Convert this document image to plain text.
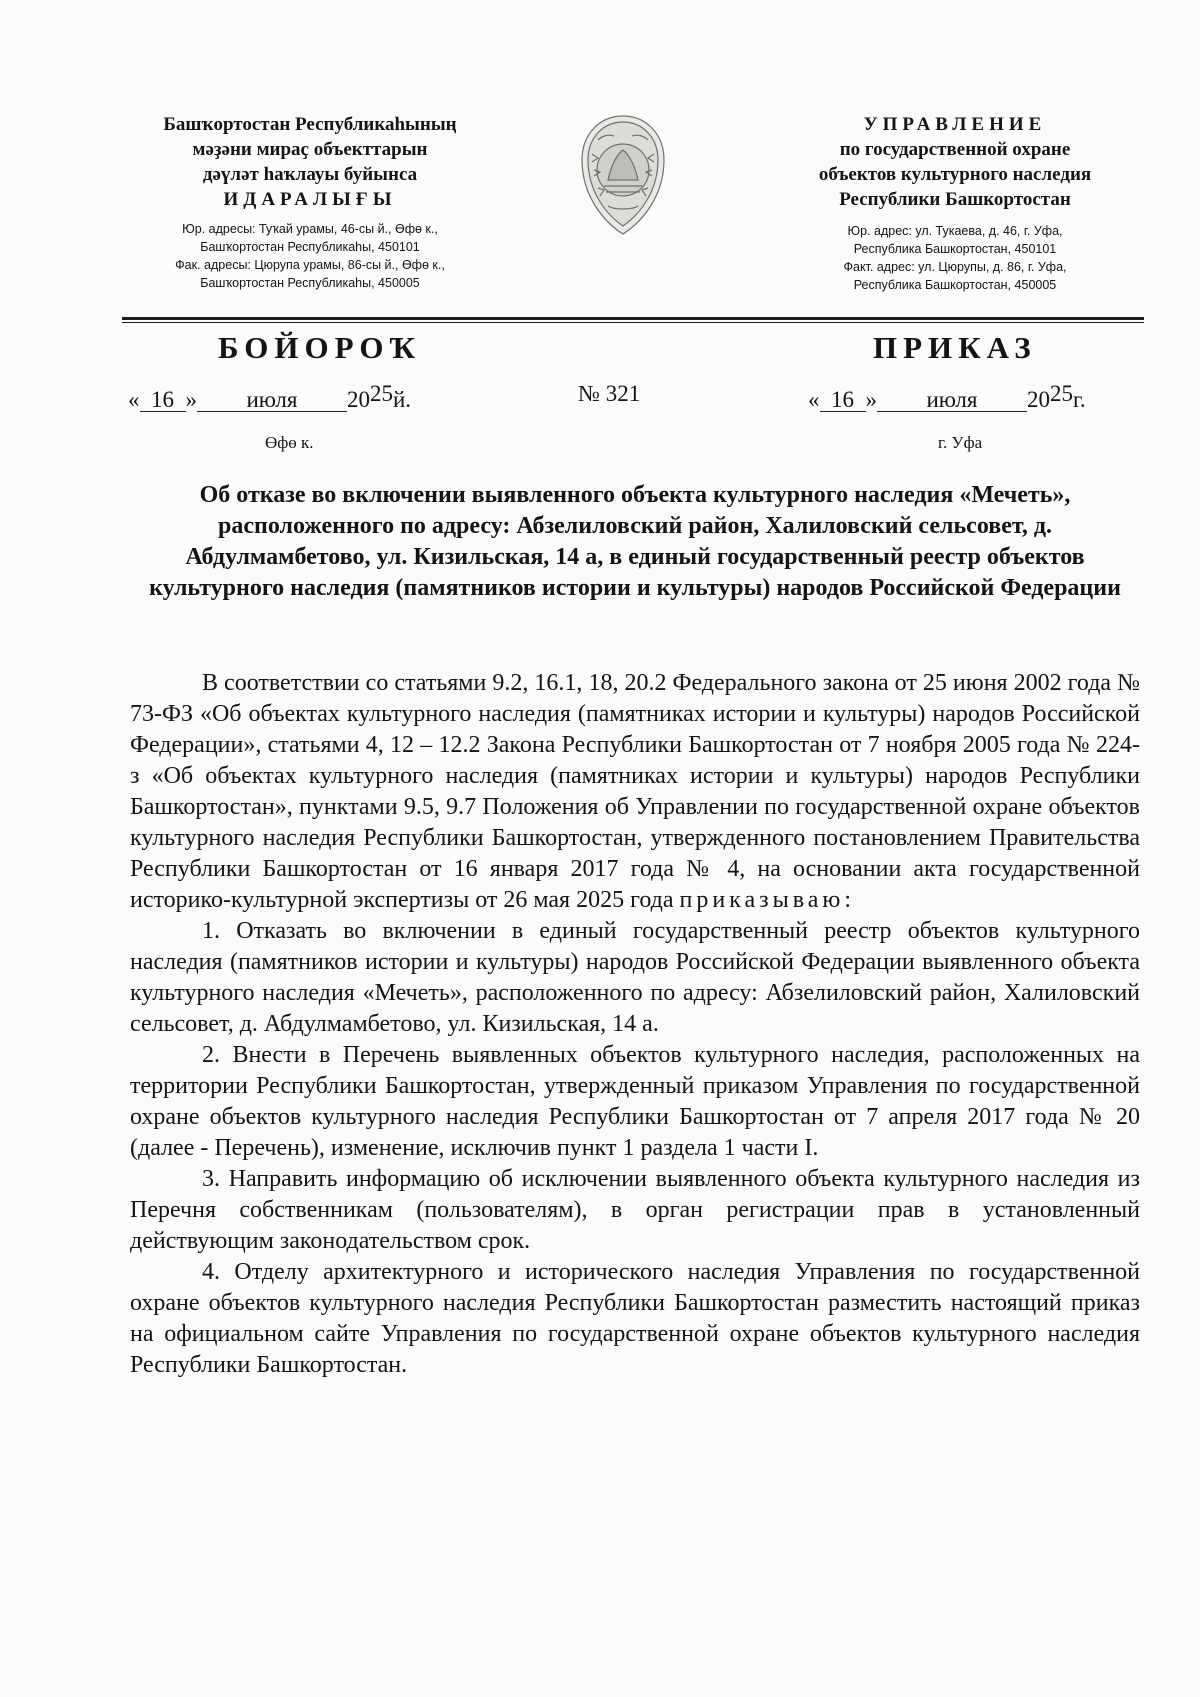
Башҡортостан Республикаһының
мәҙәни мираҫ объекттарын
дәүләт һаҡлауы буйынса
ИДАРАЛЫҒЫ
Юр. адресы: Туҡай урамы, 46-сы й., Өфө к.,
Башҡортостан Республикаһы, 450101
Фак. адресы: Цюрупа урамы, 86-сы й., Өфө к.,
Башҡортостан Республикаһы, 450005
УПРАВЛЕНИЕ
по государственной охране
объектов культурного наследия
Республики Башкортостан
Юр. адрес: ул. Тукаева, д. 46, г. Уфа,
Республика Башкортостан, 450101
Факт. адрес: ул. Цюрупы, д. 86, г. Уфа,
Республика Башкортостан, 450005
БОЙОРОҠ	ПРИКАЗ
« 16 » июля $20^{25}й$.	№ 321	« 16 » июля $20^{25}г$.
Өфө к.	г. Уфа
Об отказе во включении выявленного объекта культурного наследия «Мечеть», расположенного по адресу: Абзелиловский район, Халиловский сельсовет, д. Абдулмамбетово, ул. Кизильская, 14 а, в единый государственный реестр объектов культурного наследия (памятников истории и культуры) народов Российской Федерации

В соответствии со статьями 9.2, 16.1, 18, 20.2 Федерального закона от 25 июня 2002 года № 73-ФЗ «Об объектах культурного наследия (памятниках истории и культуры) народов Российской Федерации», статьями 4, 12 – 12.2 Закона Республики Башкортостан от 7 ноября 2005 года № 224-з «Об объектах культурного наследия (памятниках истории и культуры) народов Республики Башкортостан», пунктами 9.5, 9.7 Положения об Управлении по государственной охране объектов культурного наследия Республики Башкортостан, утвержденного постановлением Правительства Республики Башкортостан от 16 января 2017 года № 4, на основании акта государственной историко-культурной экспертизы от 26 мая 2025 года приказываю:

1. Отказать во включении в единый государственный реестр объектов культурного наследия (памятников истории и культуры) народов Российской Федерации выявленного объекта культурного наследия «Мечеть», расположенного по адресу: Абзелиловский район, Халиловский сельсовет, д. Абдулмамбетово, ул. Кизильская, 14 а.

2. Внести в Перечень выявленных объектов культурного наследия, расположенных на территории Республики Башкортостан, утвержденный приказом Управления по государственной охране объектов культурного наследия Республики Башкортостан от 7 апреля 2017 года № 20 (далее - Перечень), изменение, исключив пункт 1 раздела 1 части I.

3. Направить информацию об исключении выявленного объекта культурного наследия из Перечня собственникам (пользователям), в орган регистрации прав в установленный действующим законодательством срок.

4. Отделу архитектурного и исторического наследия Управления по государственной охране объектов культурного наследия Республики Башкортостан разместить настоящий приказ на официальном сайте Управления по государственной охране объектов культурного наследия Республики Башкортостан.
